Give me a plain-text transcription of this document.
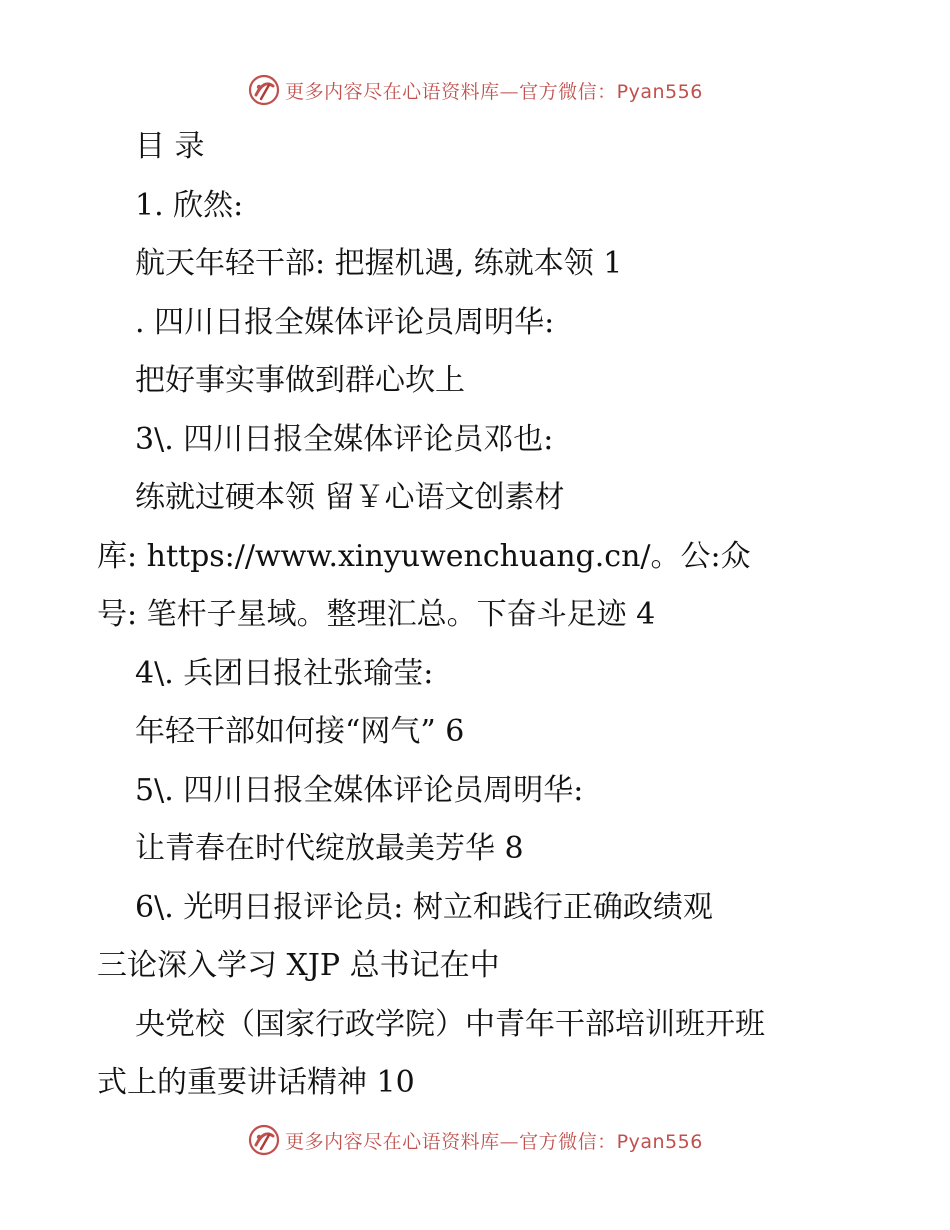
更多内容尽在心语资料库—官方微信：Pyan556
目 录
1. 欣然:
航天年轻干部: 把握机遇, 练就本领 1
. 四川日报全媒体评论员周明华:
把好事实事做到群心坎上
3\. 四川日报全媒体评论员邓也:
练就过硬本领 留￥心语文创素材
库: https://www.xinyuwenchuang.cn/。公:众
号: 笔杆子星域。整理汇总。下奋斗足迹 4
4\. 兵团日报社张瑜莹:
年轻干部如何接“网气” 6
5\. 四川日报全媒体评论员周明华:
让青春在时代绽放最美芳华 8
6\. 光明日报评论员: 树立和践行正确政绩观
三论深入学习 XJP 总书记在中
央党校（国家行政学院）中青年干部培训班开班
式上的重要讲话精神 10
更多内容尽在心语资料库—官方微信：Pyan556
